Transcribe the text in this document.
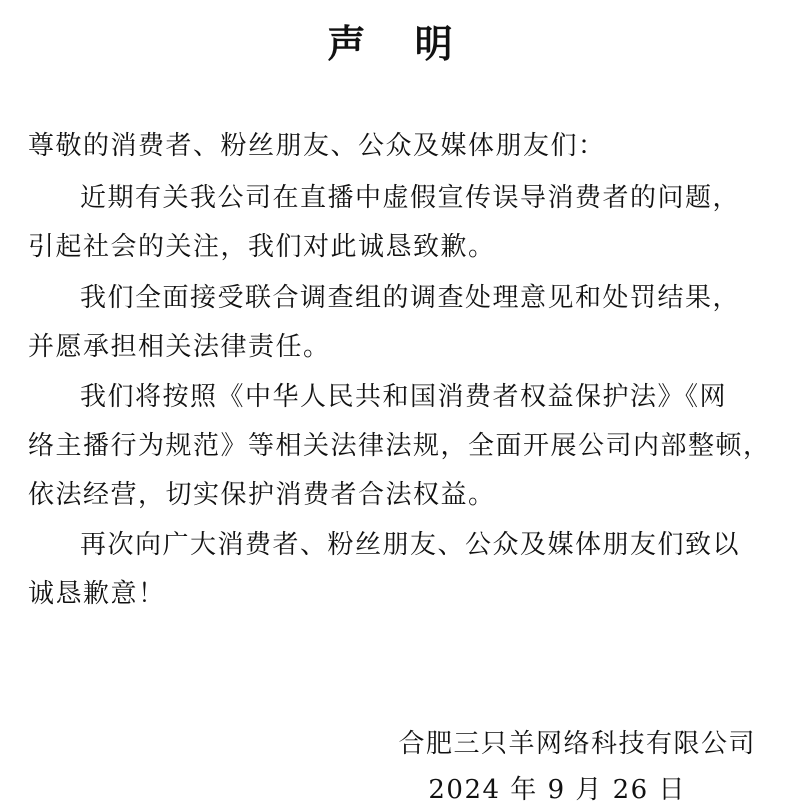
声 明

尊敬的消费者、粉丝朋友、公众及媒体朋友们：

近期有关我公司在直播中虚假宣传误导消费者的问题，

引起社会的关注，我们对此诚恳致歉。

我们全面接受联合调查组的调查处理意见和处罚结果，

并愿承担相关法律责任。

我们将按照《中华人民共和国消费者权益保护法》《网

络主播行为规范》等相关法律法规，全面开展公司内部整顿，

依法经营，切实保护消费者合法权益。

再次向广大消费者、粉丝朋友、公众及媒体朋友们致以

诚恳歉意！

合肥三只羊网络科技有限公司

2024 年 9 月 26 日
